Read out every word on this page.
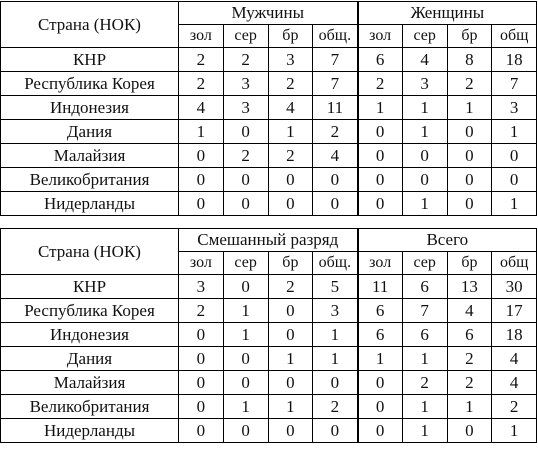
Страна (НОК)	Мужчины				Женщины			
	зол	сер	бр	общ.	зол	сер	бр	общ
КНР	2	2	3	7	6	4	8	18
Республика Корея	2	3	2	7	2	3	2	7
Индонезия	4	3	4	11	1	1	1	3
Дания	1	0	1	2	0	1	0	1
Малайзия	0	2	2	4	0	0	0	0
Великобритания	0	0	0	0	0	0	0	0
Нидерланды	0	0	0	0	0	1	0	1
Страна (НОК)	Смешанный разряд				Всего			
	зол	сер	бр	общ.	зол	сер	бр	общ
КНР	3	0	2	5	11	6	13	30
Республика Корея	2	1	0	3	6	7	4	17
Индонезия	0	1	0	1	6	6	6	18
Дания	0	0	1	1	1	1	2	4
Малайзия	0	0	0	0	0	2	2	4
Великобритания	0	1	1	2	0	1	1	2
Нидерланды	0	0	0	0	0	1	0	1
